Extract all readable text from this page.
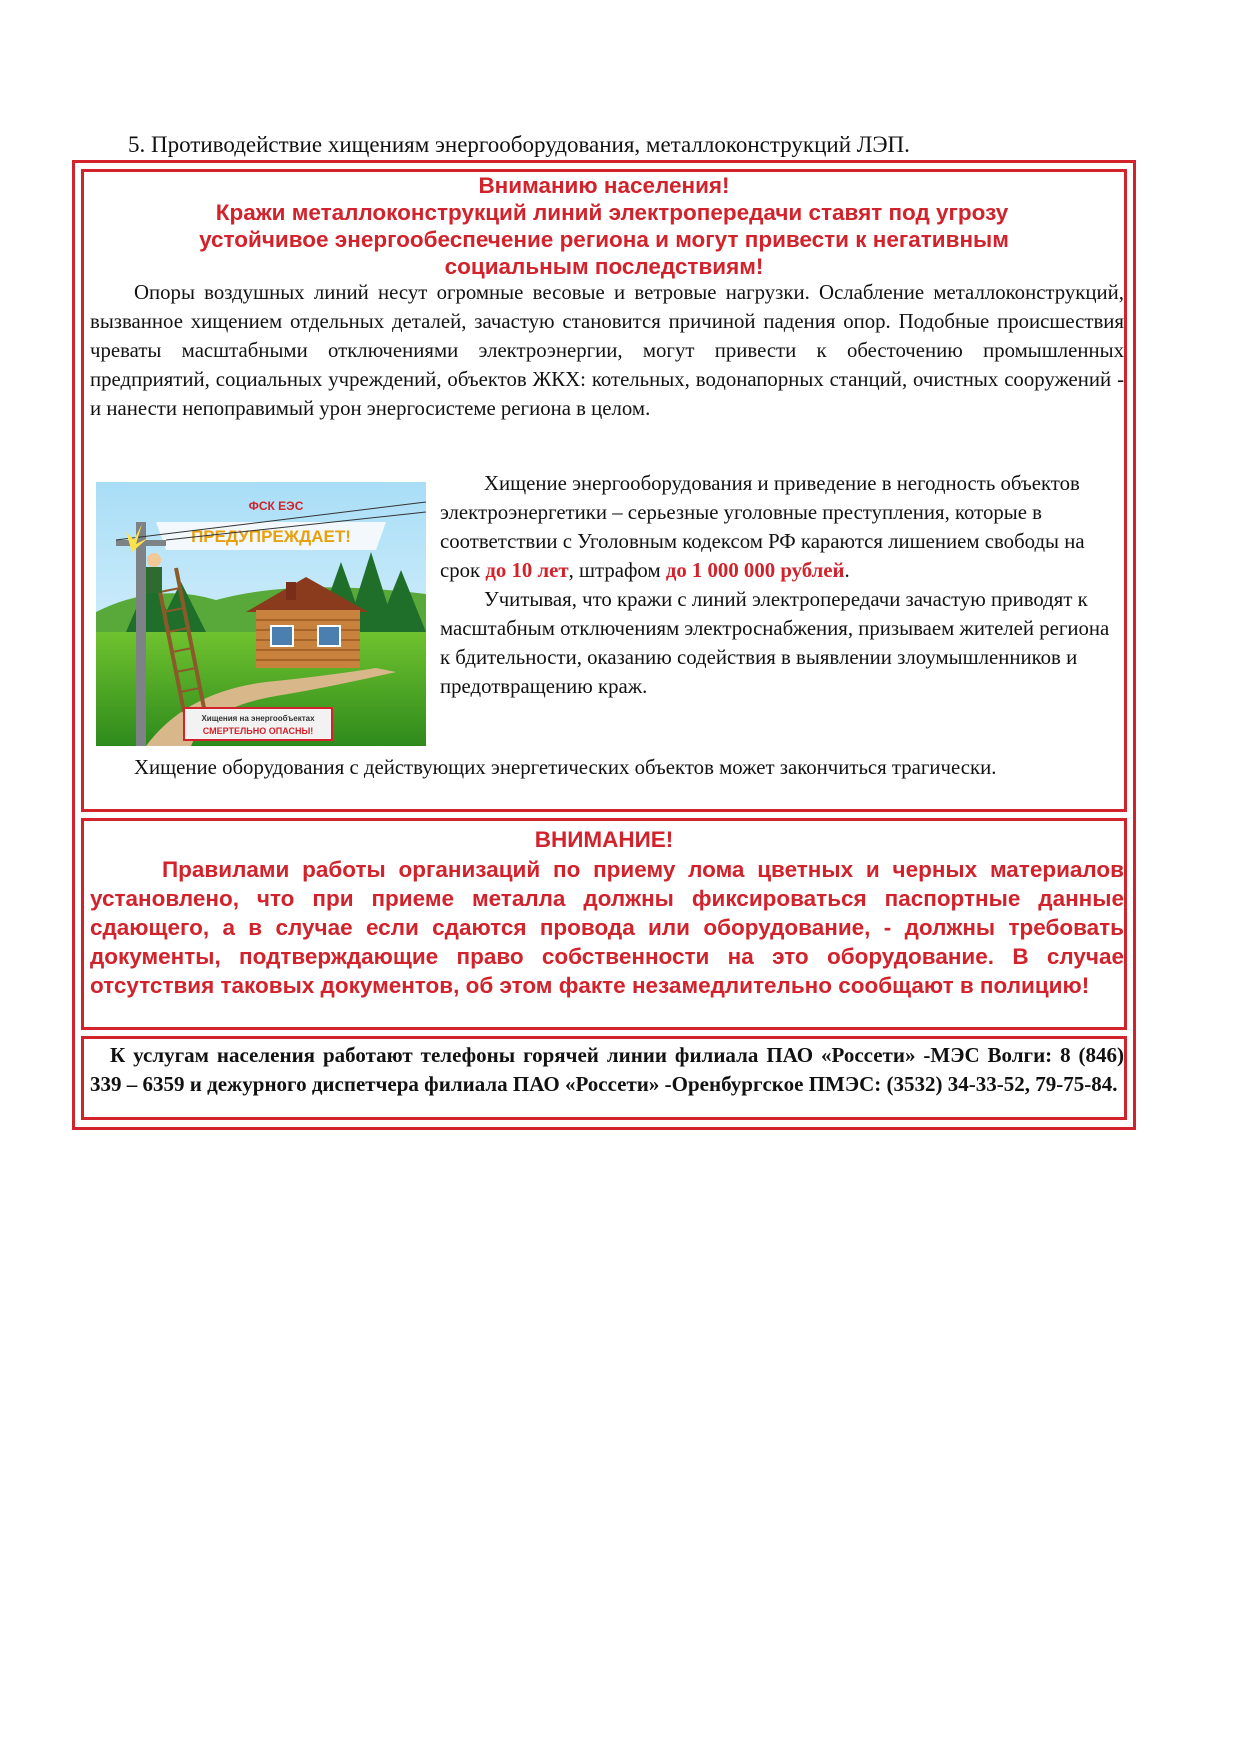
5. Противодействие хищениям энергооборудования, металлоконструкций ЛЭП.
Вниманию населения!
Кражи металлоконструкций линий электропередачи ставят под угрозу
устойчивое энергообеспечение региона и могут привести к негативным
социальным последствиям!
Опоры воздушных линий несут огромные весовые и ветровые нагрузки. Ослабление металлоконструкций, вызванное хищением отдельных деталей, зачастую становится причиной падения опор. Подобные происшествия чреваты масштабными отключениями электроэнергии, могут привести к обесточению промышленных предприятий, социальных учреждений, объектов ЖКХ: котельных, водонапорных станций, очистных сооружений - и нанести непоправимый урон энергосистеме региона в целом.
ФСК ЕЭС
ПРЕДУПРЕЖДАЕТ!
Хищения на энергообъектах
СМЕРТЕЛЬНО ОПАСНЫ!
Хищение энергооборудования и приведение в негодность объектов электроэнергетики – серьезные уголовные преступления, которые в соответствии с Уголовным кодексом РФ караются лишением свободы на срок до 10 лет, штрафом до 1 000 000 рублей.
Учитывая, что кражи с линий электропередачи зачастую приводят к масштабным отключениям электроснабжения, призываем жителей региона к бдительности, оказанию содействия в выявлении злоумышленников и предотвращению краж.
Хищение оборудования с действующих энергетических объектов может закончиться трагически.
ВНИМАНИЕ!
Правилами работы организаций по приему лома цветных и черных материалов установлено, что при приеме металла должны фиксироваться паспортные данные сдающего, а в случае если сдаются провода или оборудование, - должны требовать документы, подтверждающие право собственности на это оборудование. В случае отсутствия таковых документов, об этом факте незамедлительно сообщают в полицию!
К услугам населения работают телефоны горячей линии филиала ПАО «Россети» -МЭС Волги: 8 (846) 339 – 6359 и дежурного диспетчера филиала ПАО «Россети» -Оренбургское ПМЭС: (3532) 34-33-52, 79-75-84.
